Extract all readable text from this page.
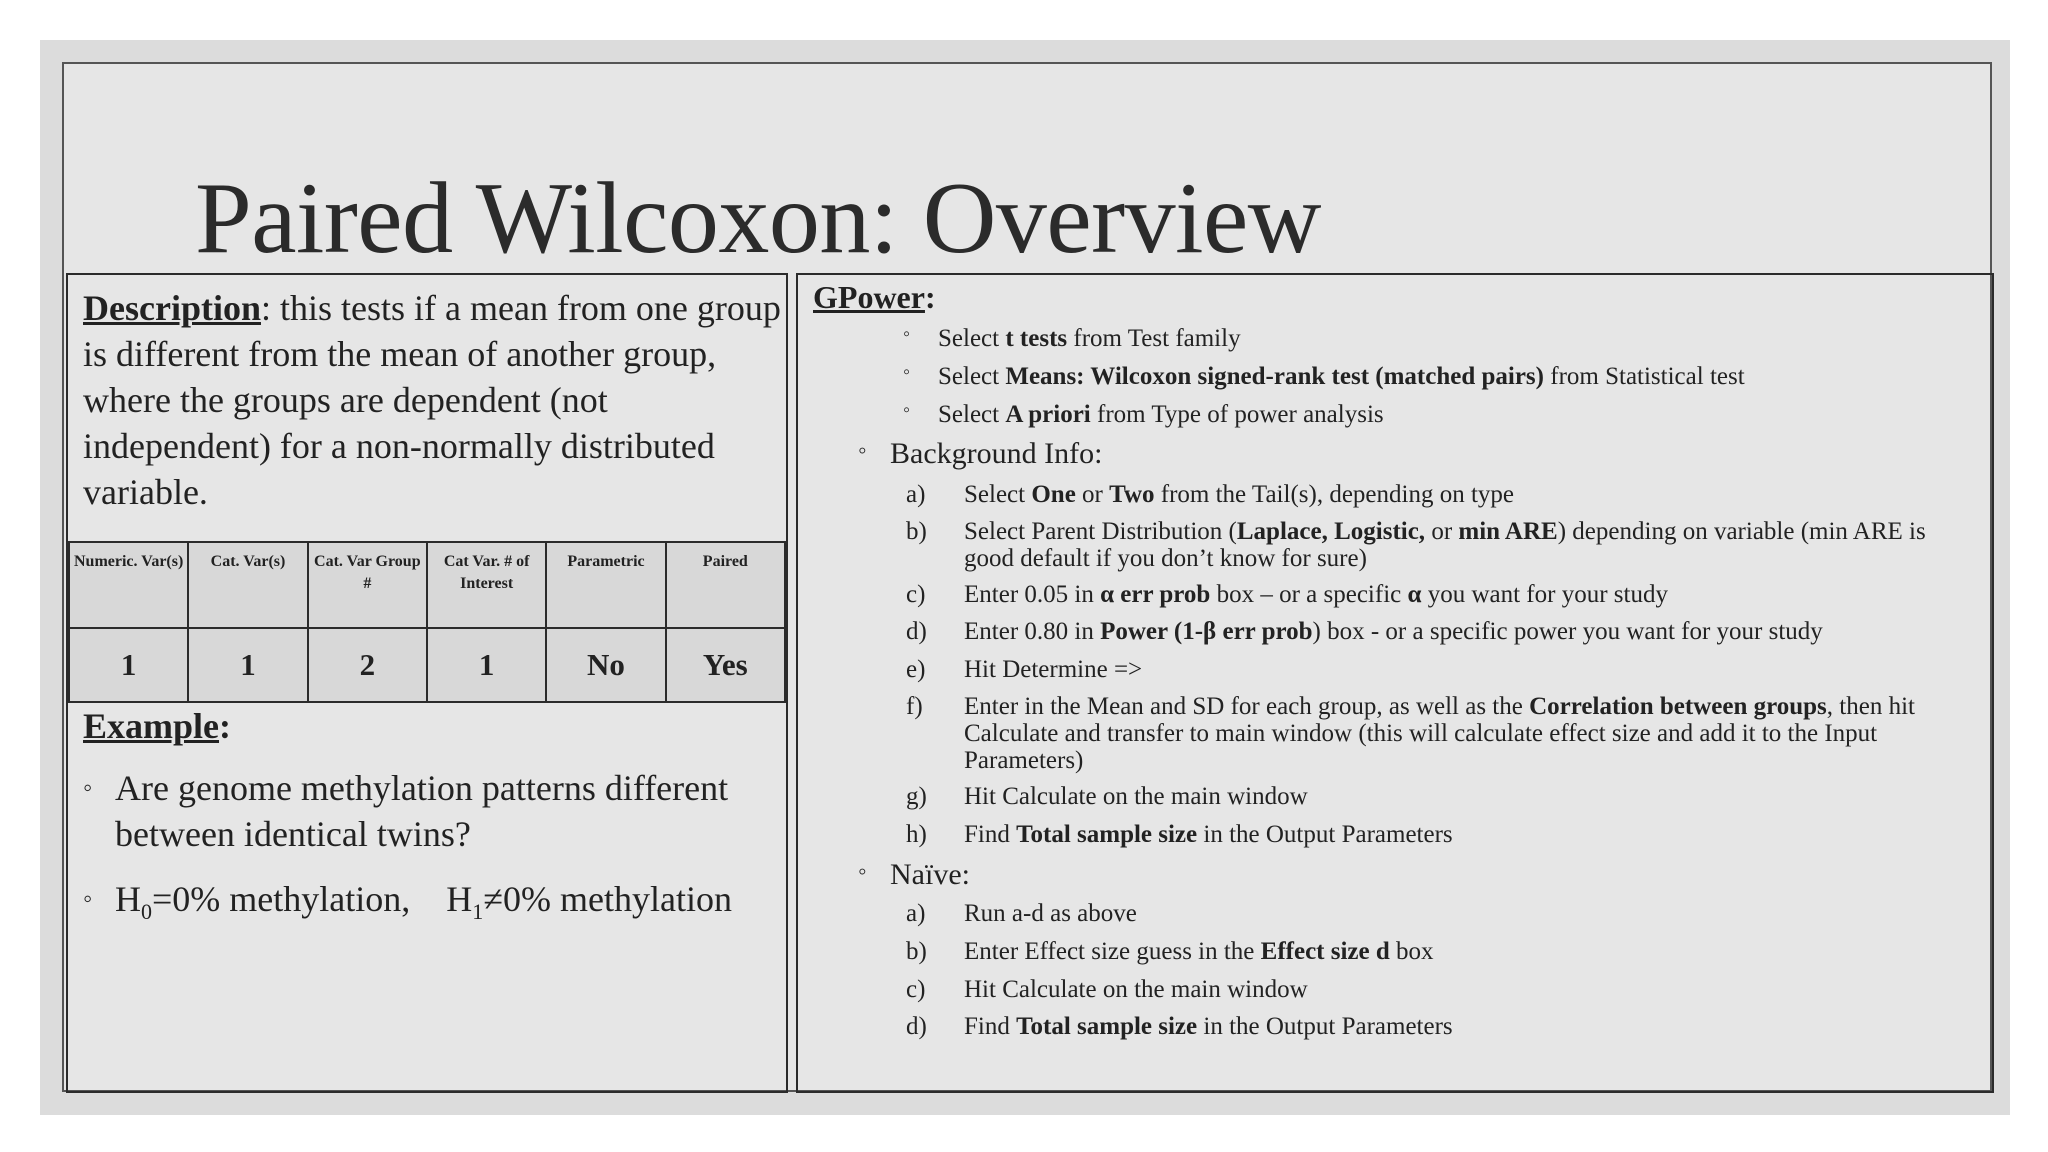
Paired Wilcoxon: Overview

Description: this tests if a mean from one group is different from the mean of another group, where the groups are dependent (not independent) for a non-normally distributed variable.

Numeric. Var(s)	Cat. Var(s)	Cat. Var Group #	Cat Var. # of Interest	Parametric	Paired
1	1	2	1	No	Yes

Example:

◦ Are genome methylation patterns different between identical twins?
◦ $H_0=0\%$ methylation, $H_1\ne 0\%$ methylation

GPower:

◦ Select t tests from Test family
◦ Select Means: Wilcoxon signed-rank test (matched pairs) from Statistical test
◦ Select A priori from Type of power analysis
◦ Background Info:
a) Select One or Two from the Tail(s), depending on type
b) Select Parent Distribution (Laplace, Logistic, or min ARE) depending on variable (min ARE is good default if you don’t know for sure)
c) Enter 0.05 in α err prob box – or a specific α you want for your study
d) Enter 0.80 in Power (1-β err prob) box - or a specific power you want for your study
e) Hit Determine =>
f) Enter in the Mean and SD for each group, as well as the Correlation between groups, then hit Calculate and transfer to main window (this will calculate effect size and add it to the Input Parameters)
g) Hit Calculate on the main window
h) Find Total sample size in the Output Parameters
◦ Naïve:
a) Run a-d as above
b) Enter Effect size guess in the Effect size d box
c) Hit Calculate on the main window
d) Find Total sample size in the Output Parameters
